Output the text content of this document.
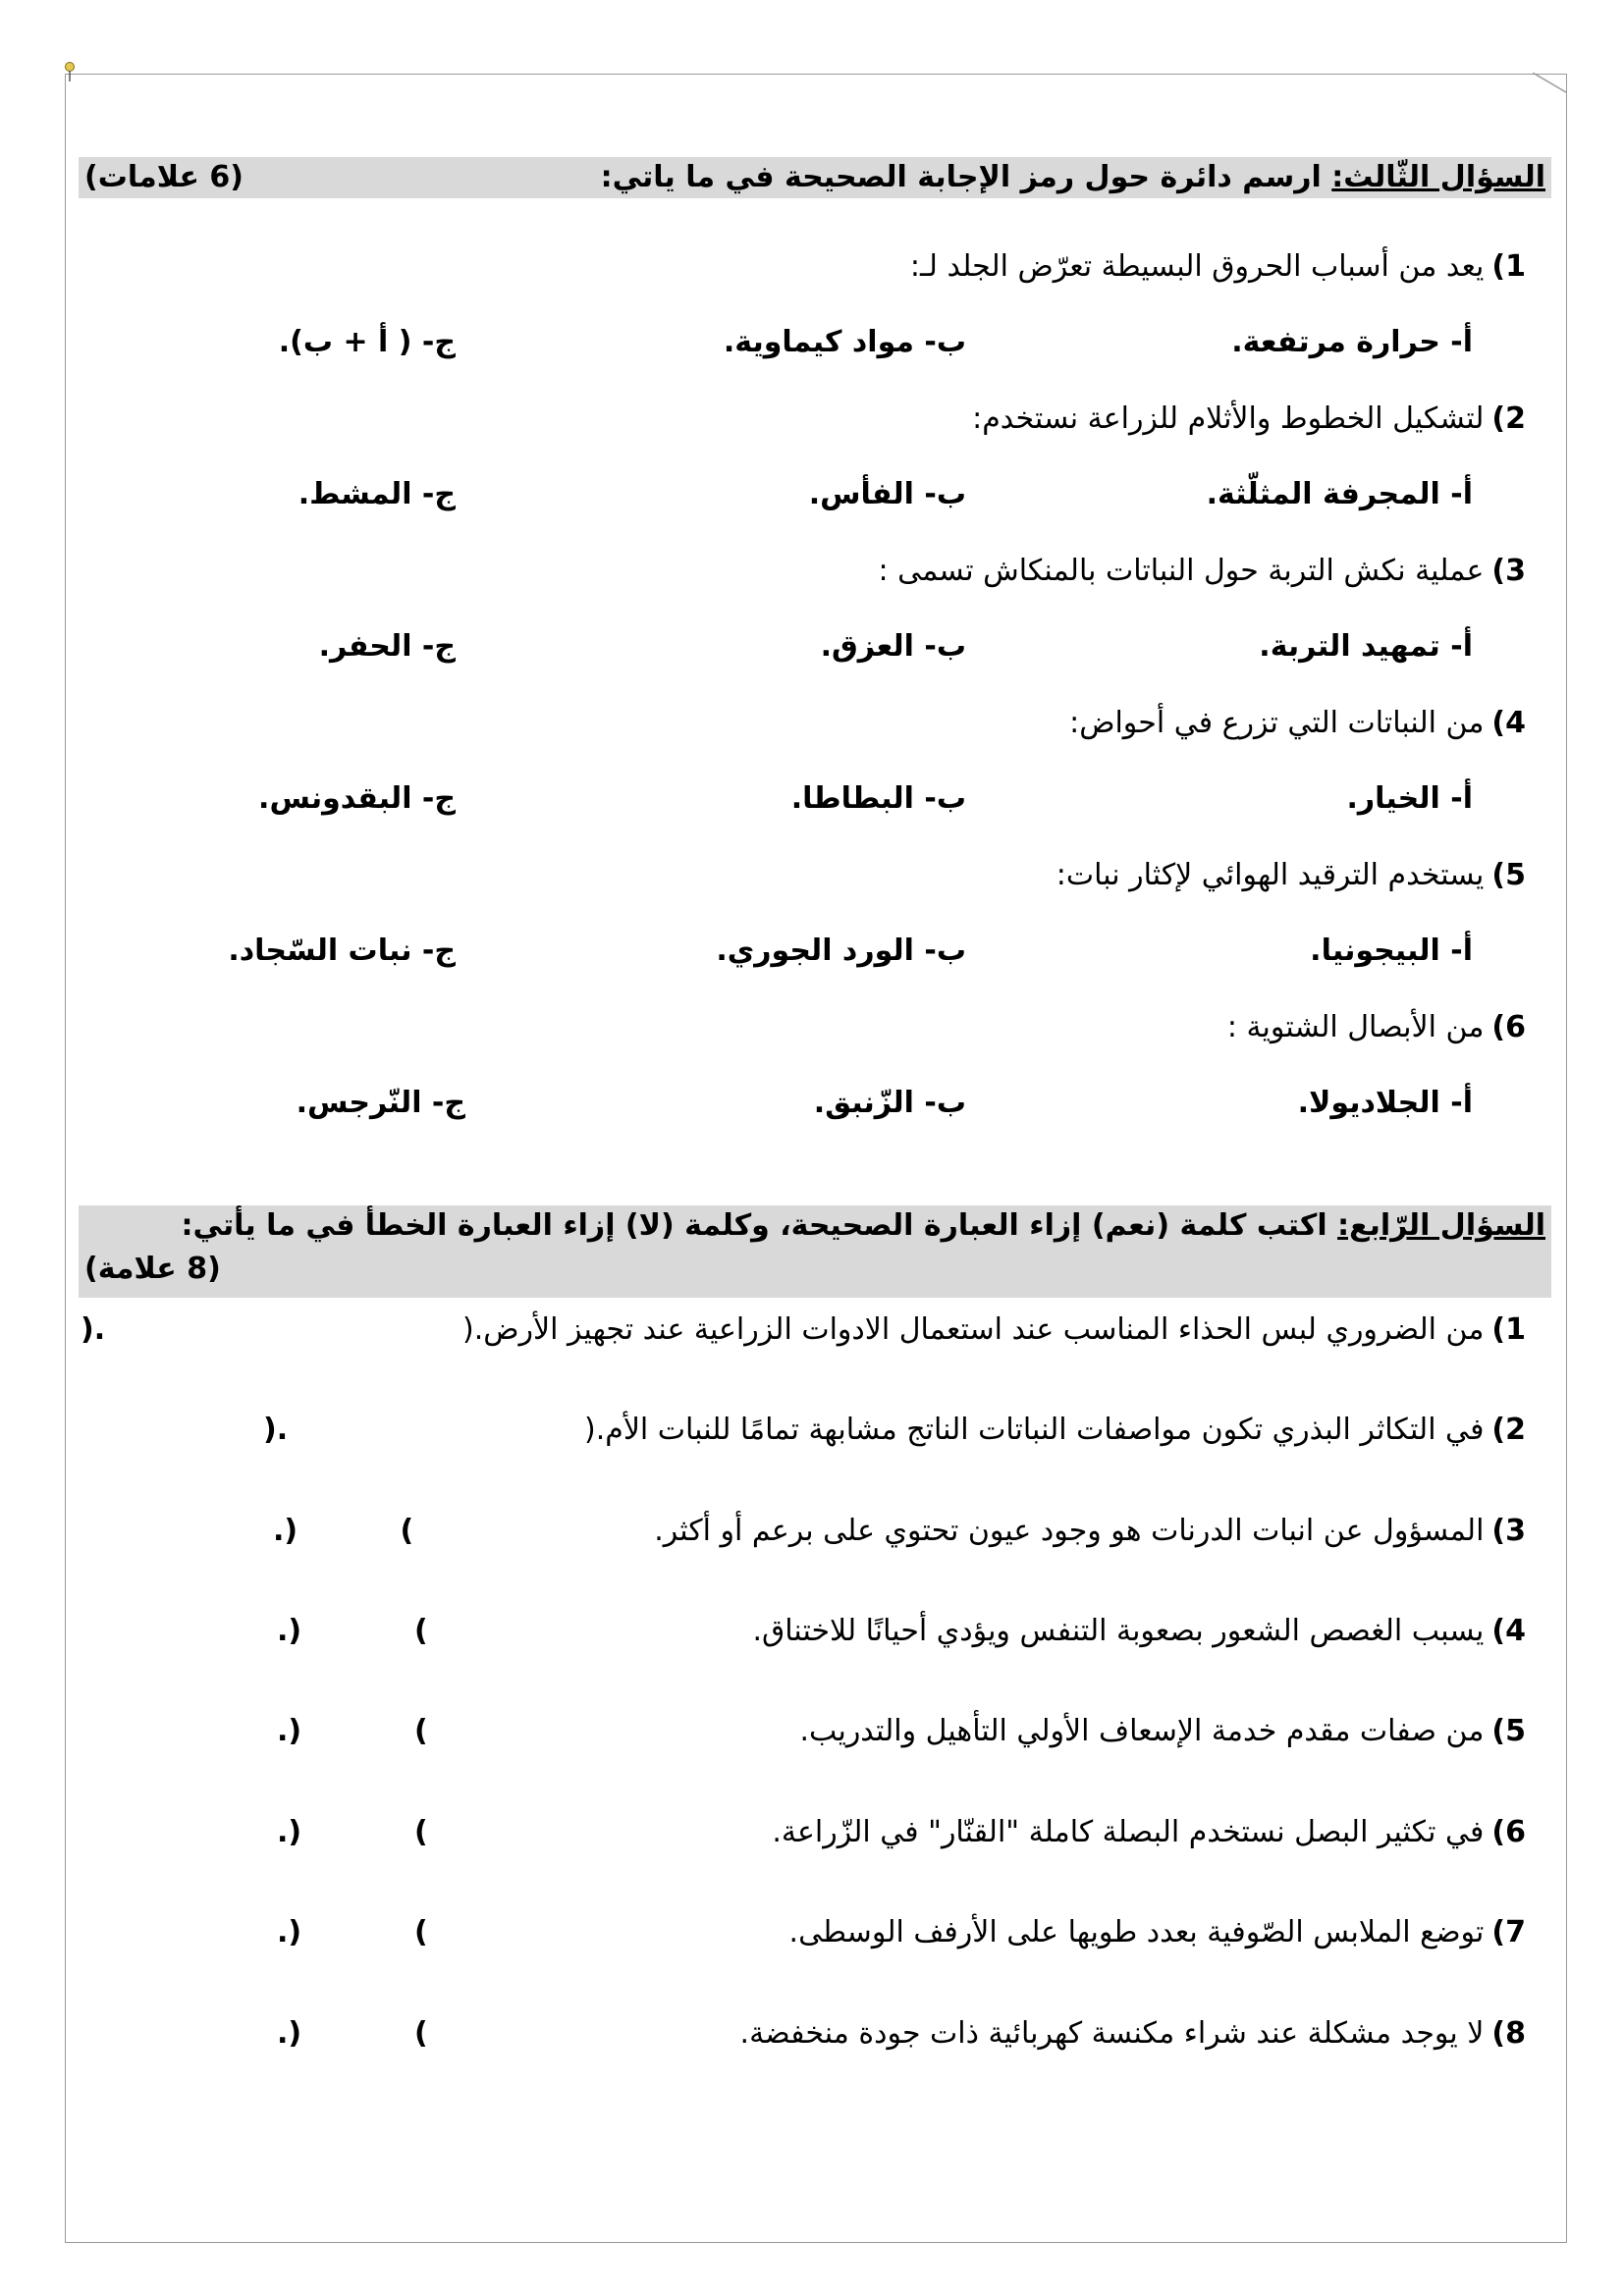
السؤال الثّالث: ارسم دائرة حول رمز الإجابة الصحيحة في ما ياتي:
(6 علامات)
1)يعد من أسباب الحروق البسيطة تعرّض الجلد لـ:
أ- حرارة مرتفعة.
ب- مواد كيماوية.
ج- ( أ + ب).
2)لتشكيل الخطوط والأثلام للزراعة نستخدم:
أ- المجرفة المثلّثة.
ب- الفأس.
ج- المشط.
3)عملية نكش التربة حول النباتات بالمنكاش تسمى :
أ- تمهيد التربة.
ب- العزق.
ج- الحفر.
4)من النباتات التي تزرع في أحواض:
أ- الخيار.
ب- البطاطا.
ج- البقدونس.
5)يستخدم الترقيد الهوائي لإكثار نبات:
أ- البيجونيا.
ب- الورد الجوري.
ج- نبات السّجاد.
6)من الأبصال الشتوية :
أ- الجلاديولا.
ب- الزّنبق.
ج- النّرجس.
السؤال الرّابع: اكتب كلمة (نعم) إزاء العبارة الصحيحة، وكلمة (لا) إزاء العبارة الخطأ في ما يأتي:
(8 علامة)
1)من الضروري لبس الحذاء المناسب عند استعمال الادوات الزراعية عند تجهيز الأرض.(
).
2)في التكاثر البذري تكون مواصفات النباتات الناتج مشابهة تمامًا للنبات الأم.(
).
3)المسؤول عن انبات الدرنات هو وجود عيون تحتوي على برعم أو أكثر.
.)          (
4)يسبب الغصص الشعور بصعوبة التنفس ويؤدي أحيانًا للاختناق.
.)           (
5)من صفات مقدم خدمة الإسعاف الأولي التأهيل والتدريب.
.)           (
6)في تكثير البصل نستخدم البصلة كاملة "القنّار" في الزّراعة.
.)           (
7)توضع الملابس الصّوفية بعدد طويها على الأرفف الوسطى.
.)           (
8)لا يوجد مشكلة عند شراء مكنسة كهربائية ذات جودة منخفضة.
.)           (
